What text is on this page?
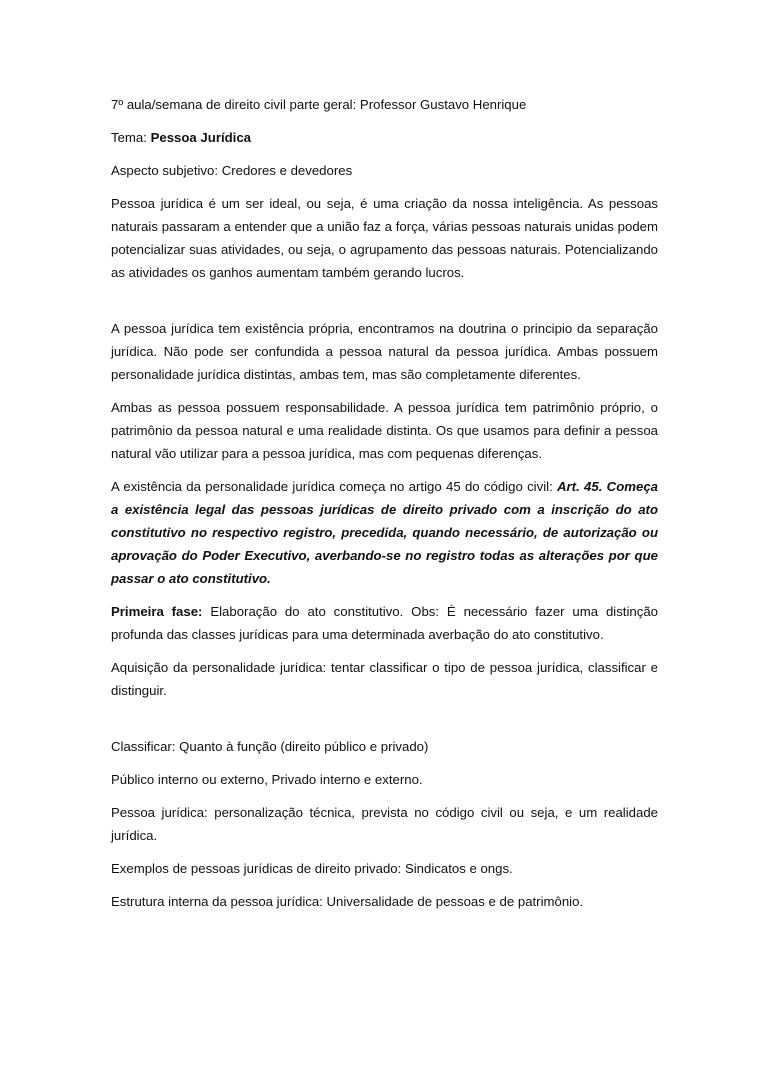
7º aula/semana de direito civil parte geral: Professor Gustavo Henrique

Tema: Pessoa Jurídica

Aspecto subjetivo: Credores e devedores

Pessoa jurídica é um ser ideal, ou seja, é uma criação da nossa inteligência. As pessoas naturais passaram a entender que a união faz a força, várias pessoas naturais unidas podem potencializar suas atividades, ou seja, o agrupamento das pessoas naturais. Potencializando as atividades os ganhos aumentam também gerando lucros.

A pessoa jurídica tem existência própria, encontramos na doutrina o principio da separação jurídica. Não pode ser confundida a pessoa natural da pessoa jurídica. Ambas possuem personalidade jurídica distintas, ambas tem, mas são completamente diferentes.

Ambas as pessoa possuem responsabilidade. A pessoa jurídica tem patrimônio próprio, o patrimônio da pessoa natural e uma realidade distinta. Os que usamos para definir a pessoa natural vão utilizar para a pessoa jurídica, mas com pequenas diferenças.

A existência da personalidade jurídica começa no artigo 45 do código civil: Art. 45. Começa a existência legal das pessoas jurídicas de direito privado com a inscrição do ato constitutivo no respectivo registro, precedida, quando necessário, de autorização ou aprovação do Poder Executivo, averbando-se no registro todas as alterações por que passar o ato constitutivo.

Primeira fase: Elaboração do ato constitutivo. Obs: É necessário fazer uma distinção profunda das classes jurídicas para uma determinada averbação do ato constitutivo.

Aquisição da personalidade jurídica: tentar classificar o tipo de pessoa jurídica, classificar e distinguir.

Classificar: Quanto à função (direito público e privado)

Público interno ou externo, Privado interno e externo.

Pessoa jurídica: personalização técnica, prevista no código civil ou seja, e um realidade jurídica.

Exemplos de pessoas jurídicas de direito privado: Sindicatos e ongs.

Estrutura interna da pessoa jurídica: Universalidade de pessoas e de patrimônio.
